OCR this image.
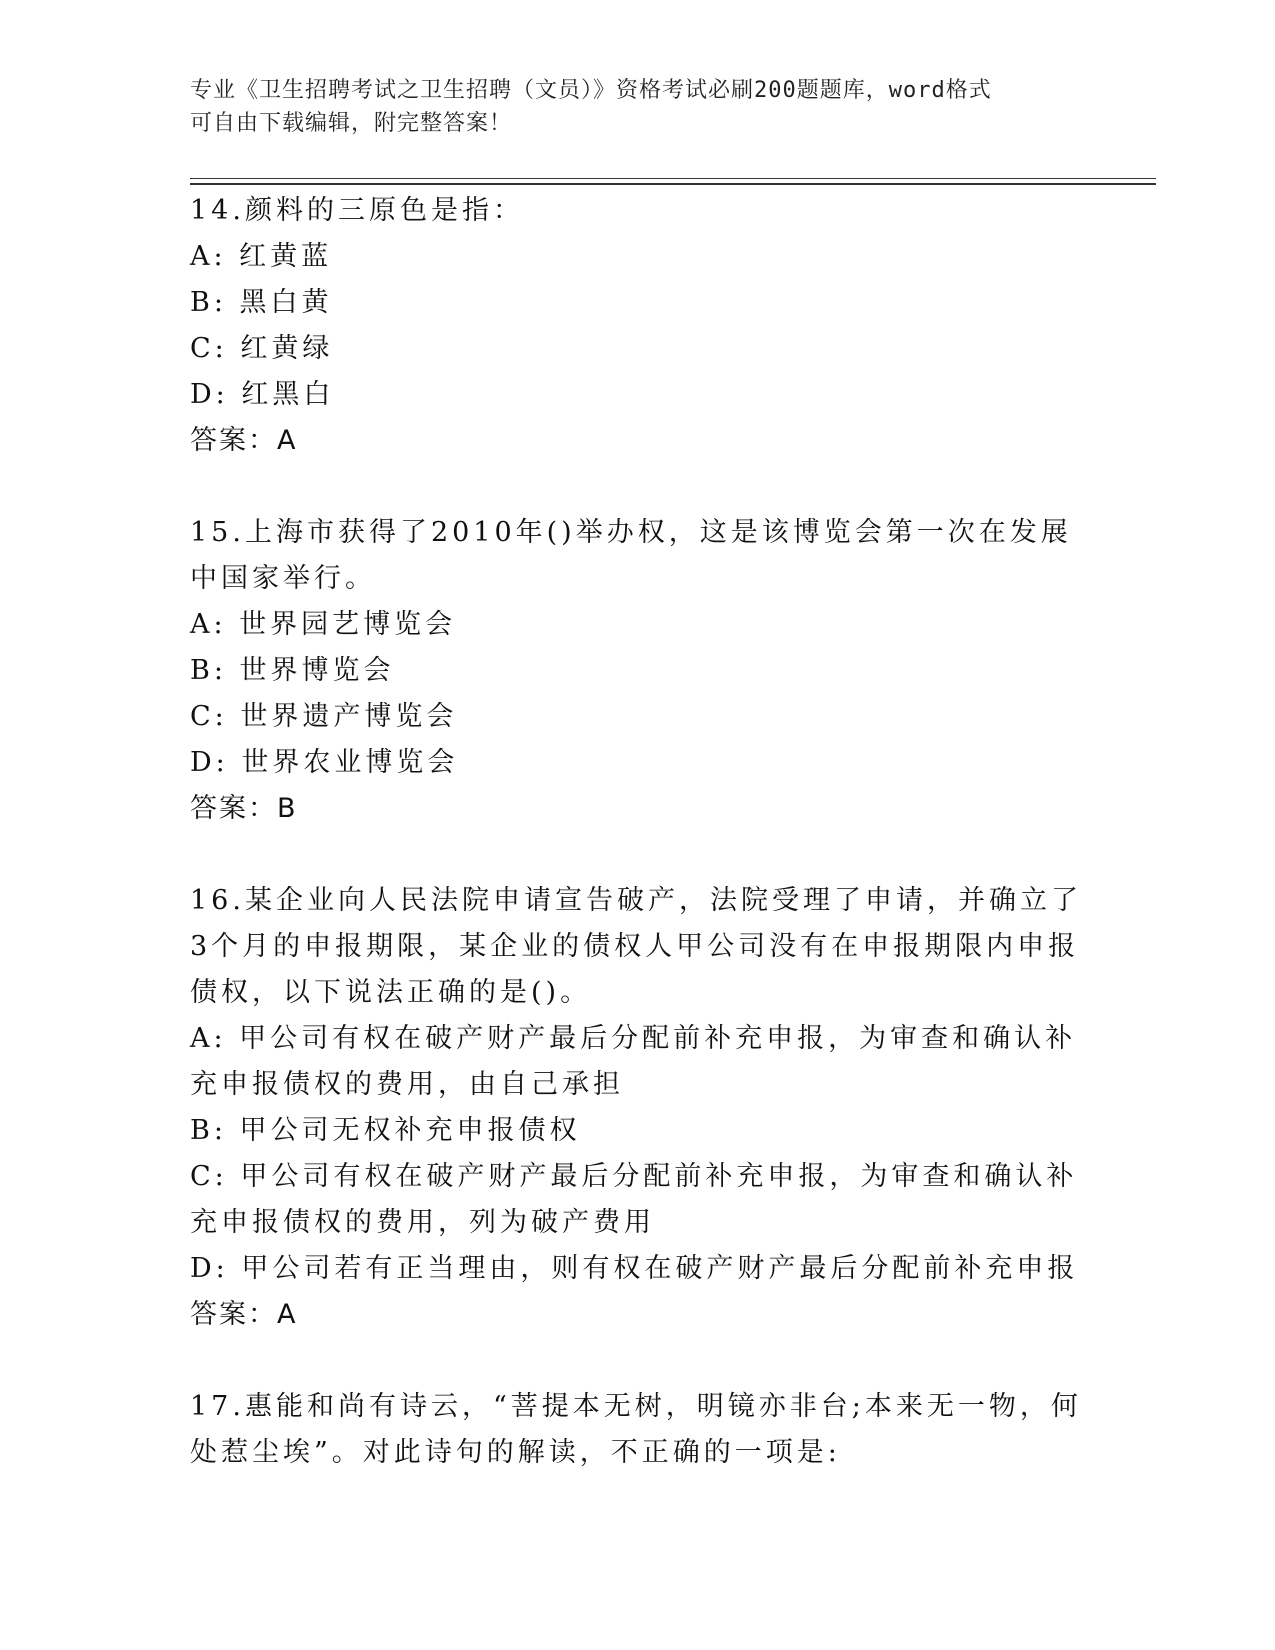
专业《卫生招聘考试之卫生招聘（文员）》资格考试必刷200题题库，word格式
可自由下载编辑，附完整答案！
14.颜料的三原色是指：
A: 红黄蓝
B: 黑白黄
C: 红黄绿
D: 红黑白
答案：A
15.上海市获得了2010年()举办权，这是该博览会第一次在发展中国家举行。
A: 世界园艺博览会
B: 世界博览会
C: 世界遗产博览会
D: 世界农业博览会
答案：B
16.某企业向人民法院申请宣告破产，法院受理了申请，并确立了3个月的申报期限，某企业的债权人甲公司没有在申报期限内申报债权，以下说法正确的是()。
A: 甲公司有权在破产财产最后分配前补充申报，为审查和确认补充申报债权的费用，由自己承担
B: 甲公司无权补充申报债权
C: 甲公司有权在破产财产最后分配前补充申报，为审查和确认补充申报债权的费用，列为破产费用
D: 甲公司若有正当理由，则有权在破产财产最后分配前补充申报
答案：A
17.惠能和尚有诗云，“菩提本无树，明镜亦非台;本来无一物，何处惹尘埃”。对此诗句的解读，不正确的一项是:
